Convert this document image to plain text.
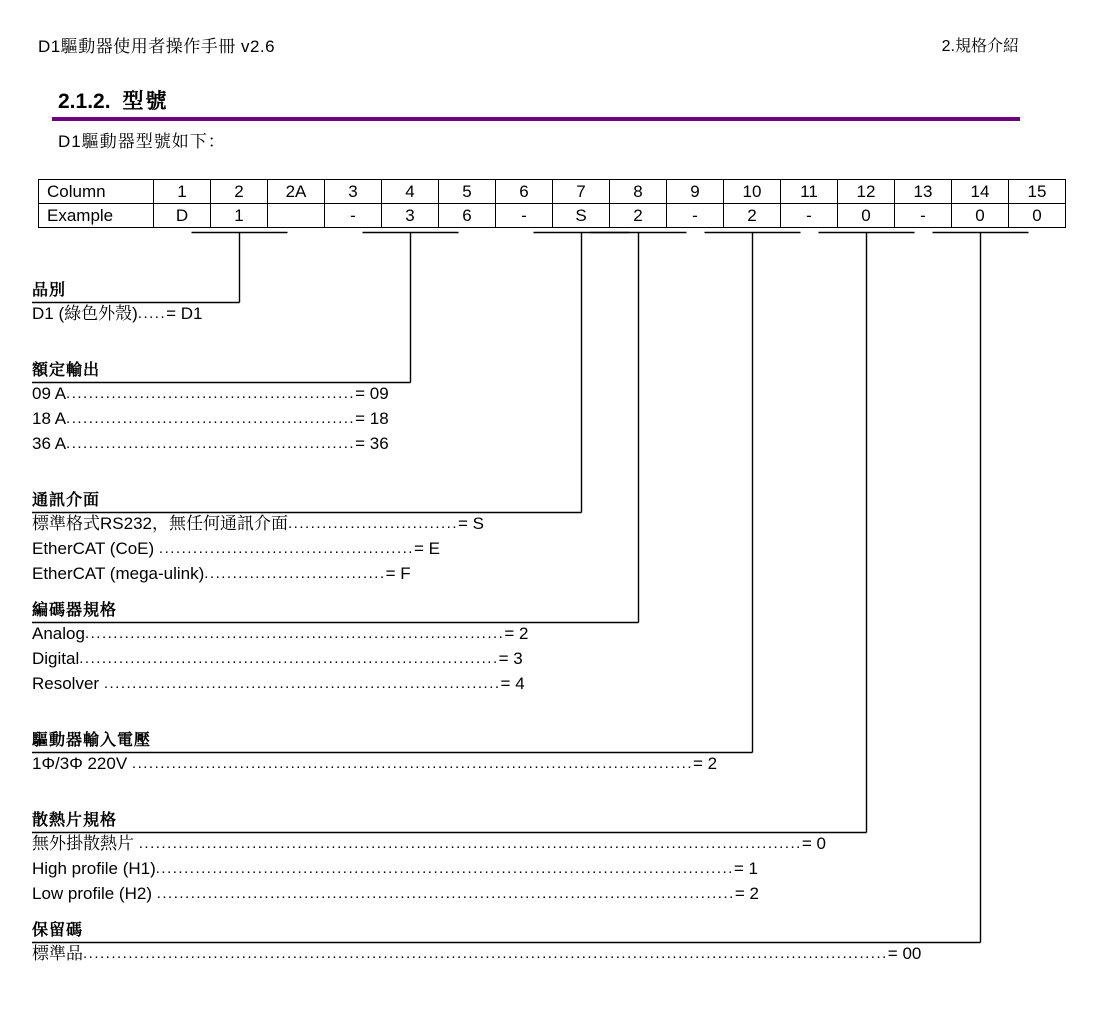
D1驅動器使用者操作手冊 v2.6	2.規格介紹
2.1.2. 型號
D1驅動器型號如下：
Column	1	2	2A	3	4	5	6	7	8	9	10	11	12	13	14	15
Example	D	1		-	3	6	-	S	2	-	2	-	0	-	0	0
品別
D1 (綠色外殼).....= D1
額定輸出
09 A...................................................= 09
18 A...................................................= 18
36 A...................................................= 36
通訊介面
標準格式RS232，無任何通訊介面..............................= S
EtherCAT (CoE) .............................................= E
EtherCAT (mega-ulink)................................= F
編碼器規格
Analog..........................................................................= 2
Digital..........................................................................= 3
Resolver ......................................................................= 4
驅動器輸入電壓
1Φ/3Φ 220V ...................................................................................................= 2
散熱片規格
無外掛散熱片 .....................................................................................................................= 0
High profile (H1)......................................................................................................= 1
Low profile (H2) ......................................................................................................= 2
保留碼
標準品..............................................................................................................................................= 00
